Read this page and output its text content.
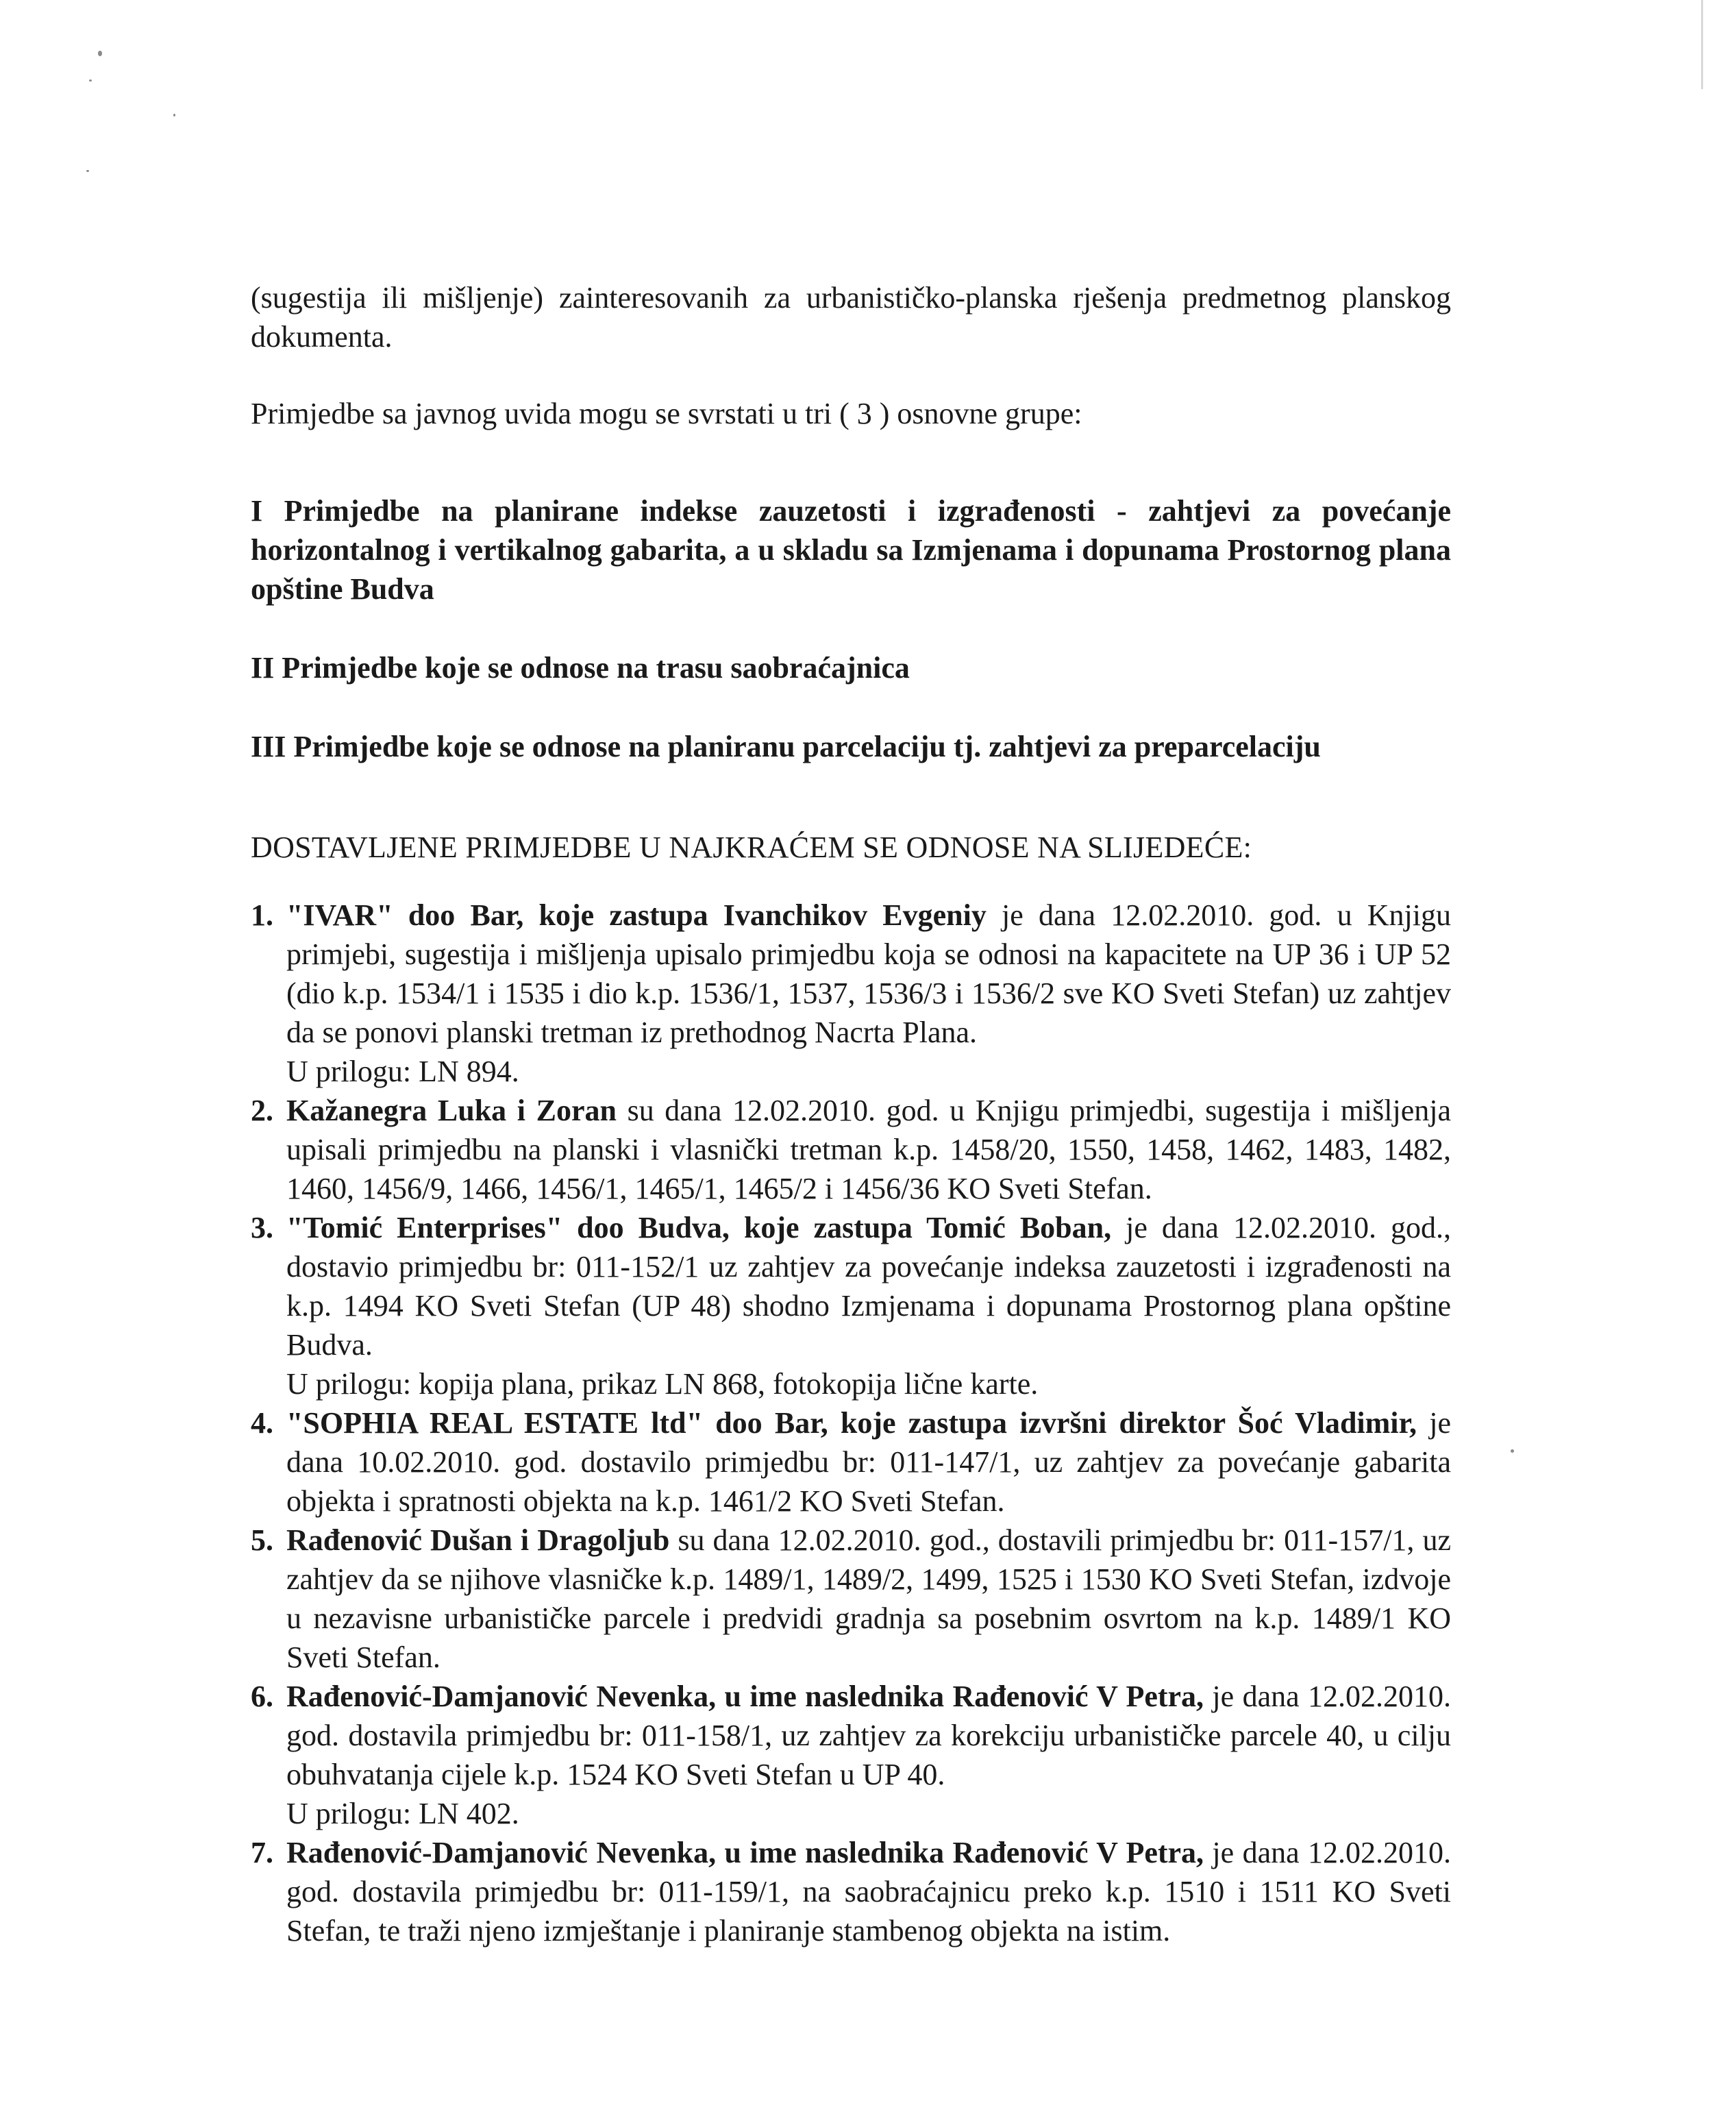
(sugestija ili mišljenje) zainteresovanih za urbanističko-planska rješenja predmetnog planskog dokumenta.

Primjedbe sa javnog uvida mogu se svrstati u tri ( 3 ) osnovne grupe:

I Primjedbe na planirane indekse zauzetosti i izgrađenosti - zahtjevi za povećanje horizontalnog i vertikalnog gabarita, a u skladu sa Izmjenama i dopunama Prostornog plana opštine Budva

II Primjedbe koje se odnose na trasu saobraćajnica

III Primjedbe koje se odnose na planiranu parcelaciju tj. zahtjevi za preparcelaciju

DOSTAVLJENE PRIMJEDBE U NAJKRAĆEM SE ODNOSE NA SLIJEDEĆE:

1. "IVAR" doo Bar, koje zastupa Ivanchikov Evgeniy je dana 12.02.2010. god. u Knjigu primjebi, sugestija i mišljenja upisalo primjedbu koja se odnosi na kapacitete na UP 36 i UP 52 (dio k.p. 1534/1 i 1535 i dio k.p. 1536/1, 1537, 1536/3 i 1536/2 sve KO Sveti Stefan) uz zahtjev da se ponovi planski tretman iz prethodnog Nacrta Plana.
U prilogu: LN 894.
2. Kažanegra Luka i Zoran su dana 12.02.2010. god. u Knjigu primjedbi, sugestija i mišljenja upisali primjedbu na planski i vlasnički tretman k.p. 1458/20, 1550, 1458, 1462, 1483, 1482, 1460, 1456/9, 1466, 1456/1, 1465/1, 1465/2 i 1456/36 KO Sveti Stefan.
3. "Tomić Enterprises" doo Budva, koje zastupa Tomić Boban, je dana 12.02.2010. god., dostavio primjedbu br: 011-152/1 uz zahtjev za povećanje indeksa zauzetosti i izgrađenosti na k.p. 1494 KO Sveti Stefan (UP 48) shodno Izmjenama i dopunama Prostornog plana opštine Budva.
U prilogu: kopija plana, prikaz LN 868, fotokopija lične karte.
4. "SOPHIA REAL ESTATE ltd" doo Bar, koje zastupa izvršni direktor Šoć Vladimir, je dana 10.02.2010. god. dostavilo primjedbu br: 011-147/1, uz zahtjev za povećanje gabarita objekta i spratnosti objekta na k.p. 1461/2 KO Sveti Stefan.
5. Rađenović Dušan i Dragoljub su dana 12.02.2010. god., dostavili primjedbu br: 011-157/1, uz zahtjev da se njihove vlasničke k.p. 1489/1, 1489/2, 1499, 1525 i 1530 KO Sveti Stefan, izdvoje u nezavisne urbanističke parcele i predvidi gradnja sa posebnim osvrtom na k.p. 1489/1 KO Sveti Stefan.
6. Rađenović-Damjanović Nevenka, u ime naslednika Rađenović V Petra, je dana 12.02.2010. god. dostavila primjedbu br: 011-158/1, uz zahtjev za korekciju urbanističke parcele 40, u cilju obuhvatanja cijele k.p. 1524 KO Sveti Stefan u UP 40.
U prilogu: LN 402.
7. Rađenović-Damjanović Nevenka, u ime naslednika Rađenović V Petra, je dana 12.02.2010. god. dostavila primjedbu br: 011-159/1, na saobraćajnicu preko k.p. 1510 i 1511 KO Sveti Stefan, te traži njeno izmještanje i planiranje stambenog objekta na istim.
